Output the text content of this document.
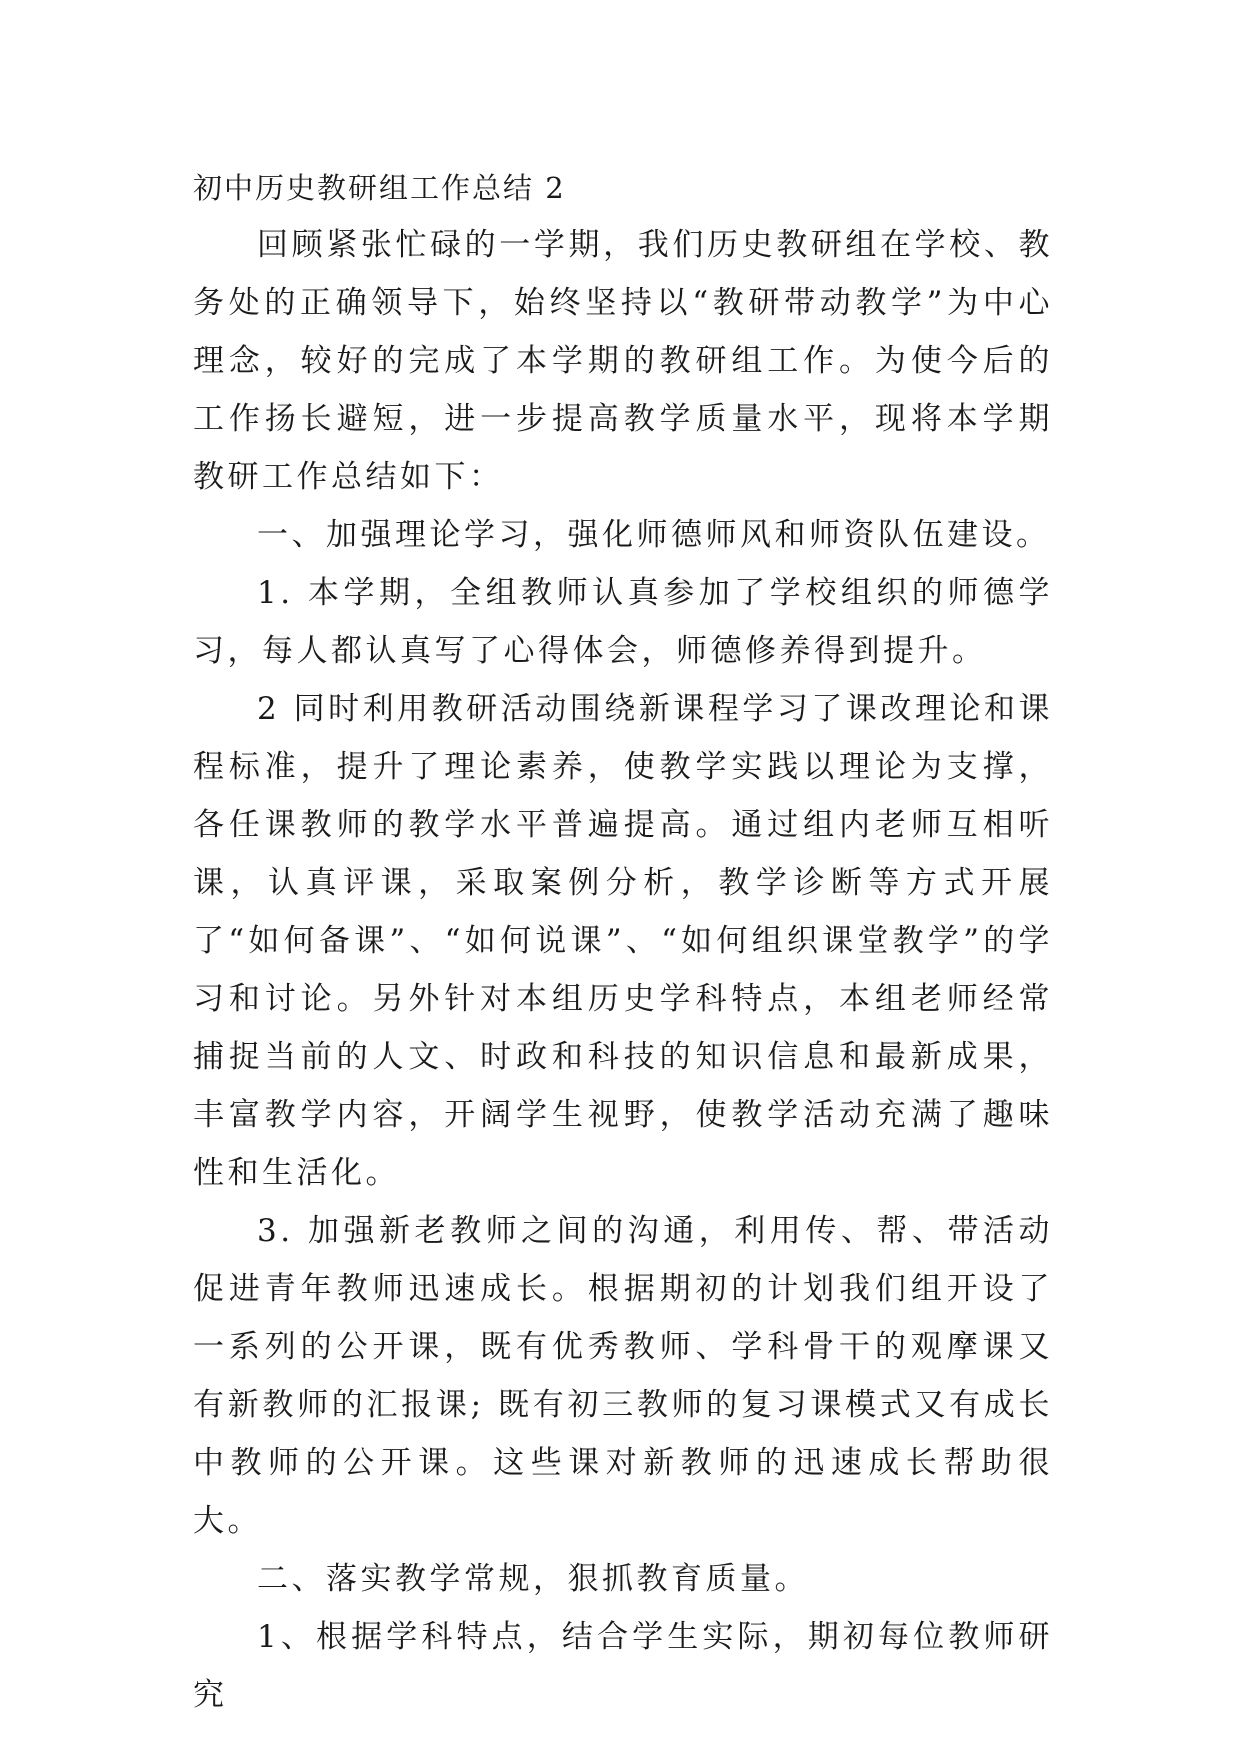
初中历史教研组工作总结 2

回顾紧张忙碌的一学期，我们历史教研组在学校、教务处的正确领导下，始终坚持以“教研带动教学”为中心理念，较好的完成了本学期的教研组工作。为使今后的工作扬长避短，进一步提高教学质量水平，现将本学期教研工作总结如下：

一、加强理论学习，强化师德师风和师资队伍建设。

1. 本学期，全组教师认真参加了学校组织的师德学习，每人都认真写了心得体会，师德修养得到提升。

2 同时利用教研活动围绕新课程学习了课改理论和课程标准，提升了理论素养，使教学实践以理论为支撑，各任课教师的教学水平普遍提高。通过组内老师互相听课，认真评课，采取案例分析，教学诊断等方式开展了“如何备课”、“如何说课”、“如何组织课堂教学”的学习和讨论。另外针对本组历史学科特点，本组老师经常捕捉当前的人文、时政和科技的知识信息和最新成果，丰富教学内容，开阔学生视野，使教学活动充满了趣味性和生活化。

3. 加强新老教师之间的沟通，利用传、帮、带活动促进青年教师迅速成长。根据期初的计划我们组开设了一系列的公开课，既有优秀教师、学科骨干的观摩课又有新教师的汇报课; 既有初三教师的复习课模式又有成长中教师的公开课。这些课对新教师的迅速成长帮助很大。

二、落实教学常规，狠抓教育质量。

1、根据学科特点，结合学生实际，期初每位教师研究
